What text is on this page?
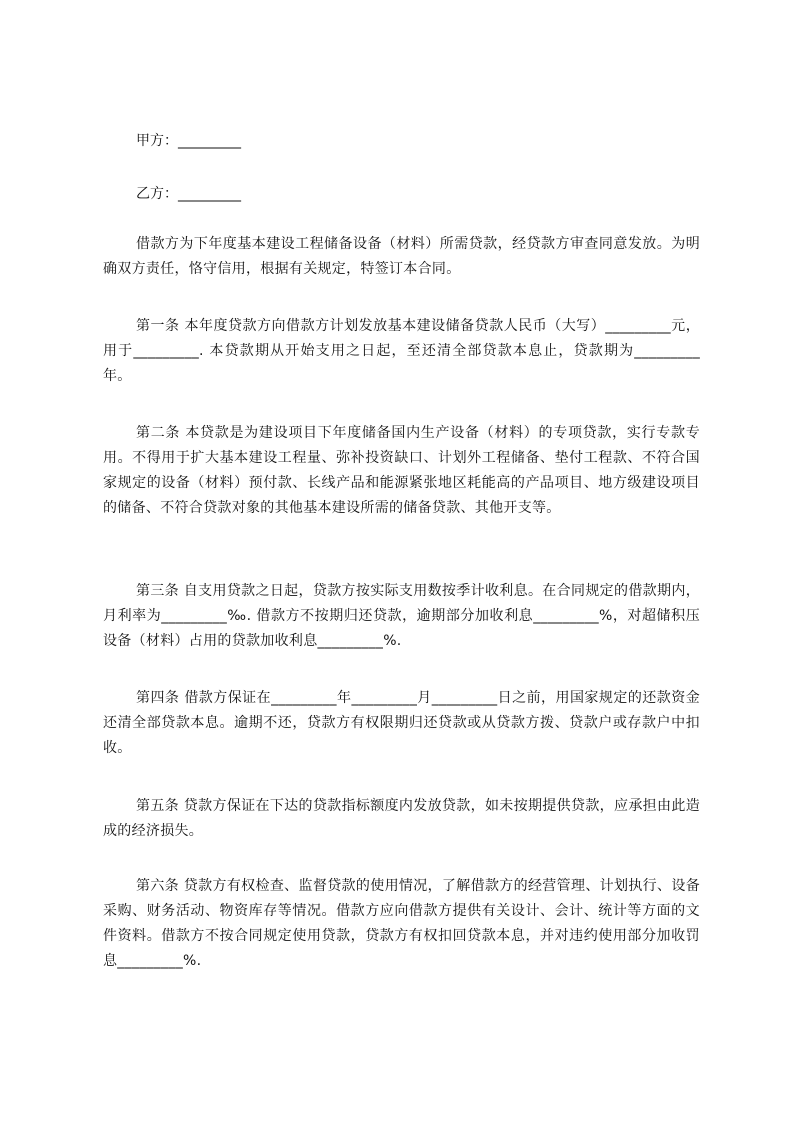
甲方：_________
乙方：_________
借款方为下年度基本建设工程储备设备（材料）所需贷款，经贷款方审查同意发放。为明确双方责任，恪守信用，根据有关规定，特签订本合同。
第一条 本年度贷款方向借款方计划发放基本建设储备贷款人民币（大写）_________元，用于_________. 本贷款期从开始支用之日起，至还清全部贷款本息止，贷款期为_________年。
第二条 本贷款是为建设项目下年度储备国内生产设备（材料）的专项贷款，实行专款专用。不得用于扩大基本建设工程量、弥补投资缺口、计划外工程储备、垫付工程款、不符合国家规定的设备（材料）预付款、长线产品和能源紧张地区耗能高的产品项目、地方级建设项目的储备、不符合贷款对象的其他基本建设所需的储备贷款、其他开支等。
第三条 自支用贷款之日起，贷款方按实际支用数按季计收利息。在合同规定的借款期内，月利率为_________‰. 借款方不按期归还贷款，逾期部分加收利息_________%，对超储积压设备（材料）占用的贷款加收利息_________%.
第四条 借款方保证在_________年_________月_________日之前，用国家规定的还款资金还清全部贷款本息。逾期不还，贷款方有权限期归还贷款或从贷款方拨、贷款户或存款户中扣收。
第五条 贷款方保证在下达的贷款指标额度内发放贷款，如未按期提供贷款，应承担由此造成的经济损失。
第六条 贷款方有权检查、监督贷款的使用情况，了解借款方的经营管理、计划执行、设备采购、财务活动、物资库存等情况。借款方应向借款方提供有关设计、会计、统计等方面的文件资料。借款方不按合同规定使用贷款，贷款方有权扣回贷款本息，并对违约使用部分加收罚息_________%.
